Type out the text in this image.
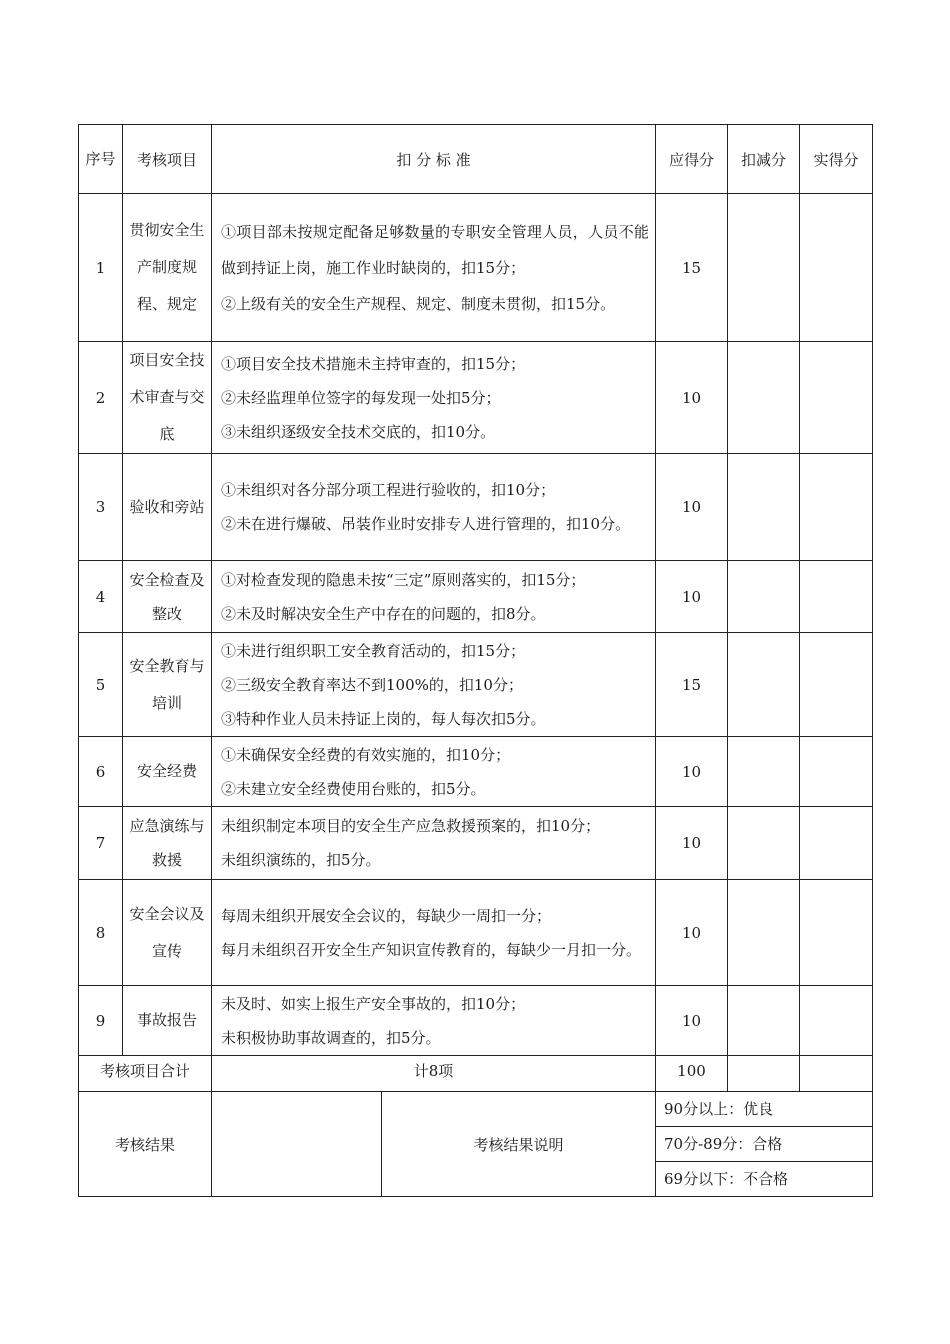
序号	考核项目	扣 分 标 准		应得分	扣减分	实得分
1	贯彻安全生产制度规程、规定	①项目部未按规定配备足够数量的专职安全管理人员，人员不能做到持证上岗，施工作业时缺岗的，扣15分；
②上级有关的安全生产规程、规定、制度未贯彻，扣15分。		15		
2	项目安全技术审查与交底	①项目安全技术措施未主持审查的，扣15分；
②未经监理单位签字的每发现一处扣5分；
③未组织逐级安全技术交底的，扣10分。		10		
3	验收和旁站	①未组织对各分部分项工程进行验收的，扣10分；
②未在进行爆破、吊装作业时安排专人进行管理的，扣10分。		10		
4	安全检查及整改	①对检查发现的隐患未按“三定”原则落实的，扣15分；
②未及时解决安全生产中存在的问题的，扣8分。		10		
5	安全教育与培训	①未进行组织职工安全教育活动的，扣15分；
②三级安全教育率达不到100%的，扣10分；
③特种作业人员未持证上岗的，每人每次扣5分。		15		
6	安全经费	①未确保安全经费的有效实施的，扣10分；
②未建立安全经费使用台账的，扣5分。		10		
7	应急演练与救援	未组织制定本项目的安全生产应急救援预案的，扣10分；
未组织演练的，扣5分。		10		
8	安全会议及宣传	每周未组织开展安全会议的，每缺少一周扣一分；
每月未组织召开安全生产知识宣传教育的，每缺少一月扣一分。		10		
9	事故报告	未及时、如实上报生产安全事故的，扣10分；
未积极协助事故调查的，扣5分。		10		
考核项目合计		计8项		100		
考核结果			考核结果说明	90分以上：优良		
				70分-89分：合格		
				69分以下：不合格		
